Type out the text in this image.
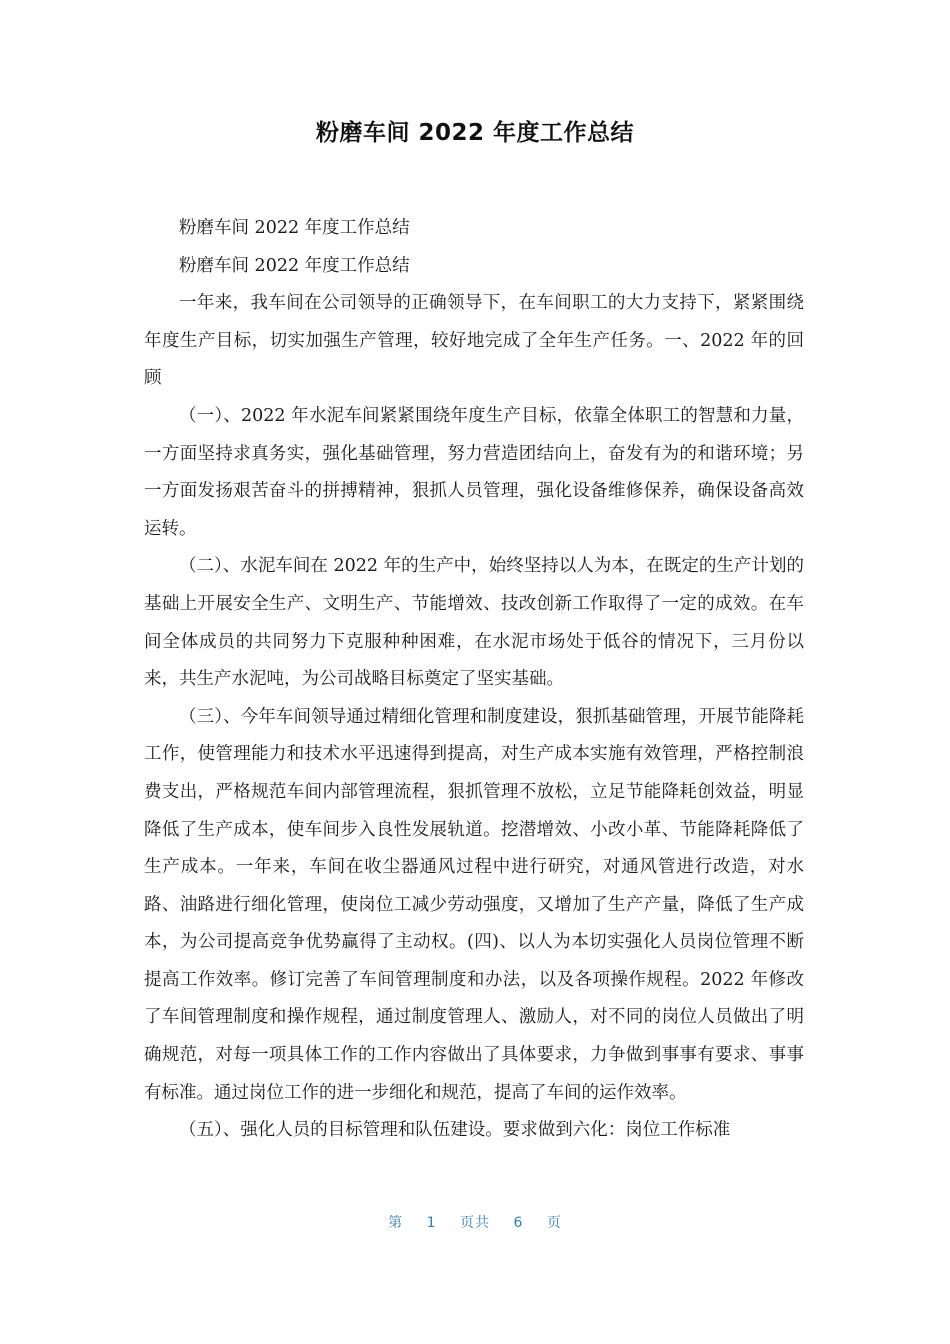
粉磨车间 2022 年度工作总结

粉磨车间 2022 年度工作总结

粉磨车间 2022 年度工作总结

一年来，我车间在公司领导的正确领导下，在车间职工的大力支持下，紧紧围绕年度生产目标，切实加强生产管理，较好地完成了全年生产任务。一、2022 年的回顾

（一）、2022 年水泥车间紧紧围绕年度生产目标，依靠全体职工的智慧和力量，一方面坚持求真务实，强化基础管理，努力营造团结向上，奋发有为的和谐环境；另一方面发扬艰苦奋斗的拼搏精神，狠抓人员管理，强化设备维修保养，确保设备高效运转。

（二）、水泥车间在 2022 年的生产中，始终坚持以人为本，在既定的生产计划的基础上开展安全生产、文明生产、节能增效、技改创新工作取得了一定的成效。在车间全体成员的共同努力下克服种种困难，在水泥市场处于低谷的情况下，三月份以来，共生产水泥吨，为公司战略目标奠定了坚实基础。

（三）、今年车间领导通过精细化管理和制度建设，狠抓基础管理，开展节能降耗工作，使管理能力和技术水平迅速得到提高，对生产成本实施有效管理，严格控制浪费支出，严格规范车间内部管理流程，狠抓管理不放松，立足节能降耗创效益，明显降低了生产成本，使车间步入良性发展轨道。挖潜增效、小改小革、节能降耗降低了生产成本。一年来，车间在收尘器通风过程中进行研究，对通风管进行改造，对水路、油路进行细化管理，使岗位工减少劳动强度，又增加了生产产量，降低了生产成本，为公司提高竞争优势赢得了主动权。(四)、以人为本切实强化人员岗位管理不断提高工作效率。修订完善了车间管理制度和办法，以及各项操作规程。2022 年修改了车间管理制度和操作规程，通过制度管理人、激励人，对不同的岗位人员做出了明确规范，对每一项具体工作的工作内容做出了具体要求，力争做到事事有要求、事事有标准。通过岗位工作的进一步细化和规范，提高了车间的运作效率。

（五）、强化人员的目标管理和队伍建设。要求做到六化：岗位工作标准

第 1 页共 6 页
